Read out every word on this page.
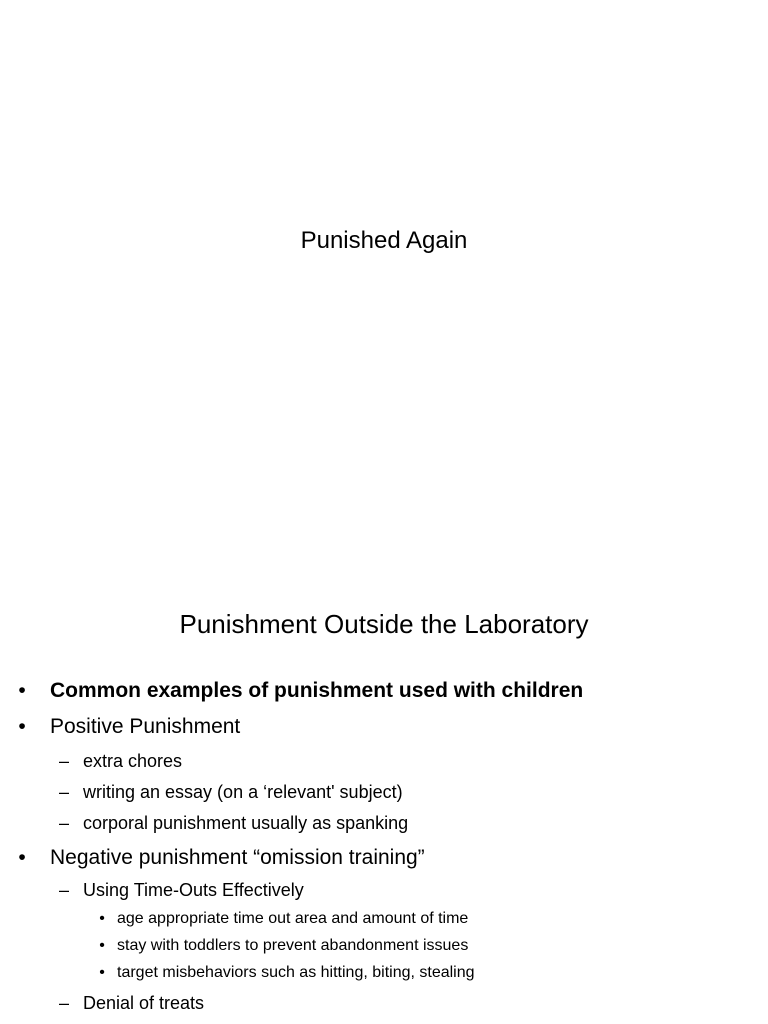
Punished Again
Punishment Outside the Laboratory
• Common examples of punishment used with children
• Positive Punishment
– extra chores
– writing an essay (on a ‘relevant' subject)
– corporal punishment usually as spanking
• Negative punishment “omission training”
– Using Time-Outs Effectively
• age appropriate time out area and amount of time
• stay with toddlers to prevent abandonment issues
• target misbehaviors such as hitting, biting, stealing
– Denial of treats
